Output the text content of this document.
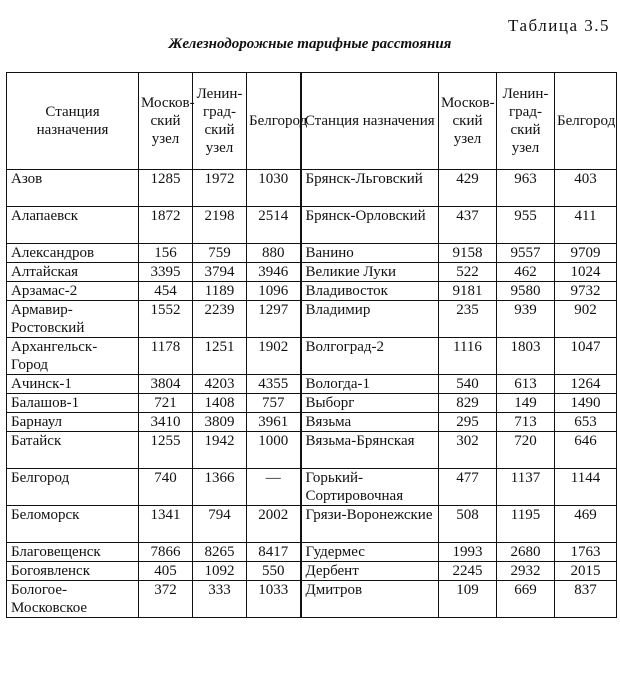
Таблица 3.5
Железнодорожные тарифные расстояния
Станция назначения	Москов-ский узел	Ленин-град-ский узел	Белгород	Станция назначения	Москов-ский узел	Ленин-град-ский узел	Белгород
Азов	1285	1972	1030	Брянск-Льговский	429	963	403
Алапаевск	1872	2198	2514	Брянск-Орловский	437	955	411
Александров	156	759	880	Ванино	9158	9557	9709
Алтайская	3395	3794	3946	Великие Луки	522	462	1024
Арзамас-2	454	1189	1096	Владивосток	9181	9580	9732
Армавир-Ростовский	1552	2239	1297	Владимир	235	939	902
Архангельск-Город	1178	1251	1902	Волгоград-2	1116	1803	1047
Ачинск-1	3804	4203	4355	Вологда-1	540	613	1264
Балашов-1	721	1408	757	Выборг	829	149	1490
Барнаул	3410	3809	3961	Вязьма	295	713	653
Батайск	1255	1942	1000	Вязьма-Брянская	302	720	646
Белгород	740	1366	—	Горький-Сортировочная	477	1137	1144
Беломорск	1341	794	2002	Грязи-Воронежские	508	1195	469
Благовещенск	7866	8265	8417	Гудермес	1993	2680	1763
Богоявленск	405	1092	550	Дербент	2245	2932	2015
Бологое-Московское	372	333	1033	Дмитров	109	669	837
